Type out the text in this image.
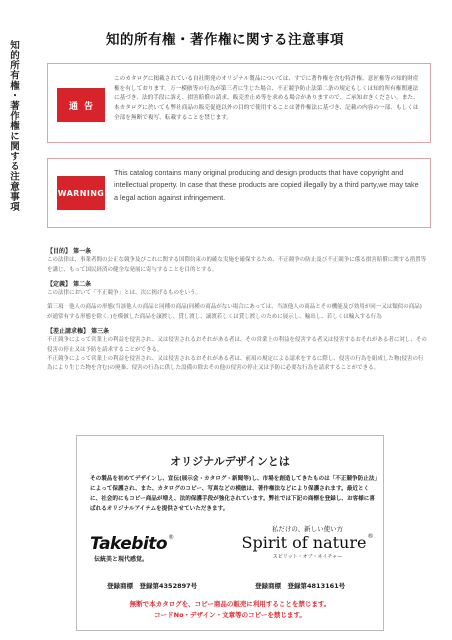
知的所有権・著作権に関する注意事項	知的所有権・著作権に関する注意事項
通告
このカタログに掲載されている自社開発のオリジナル製品については、すでに著作権を含む特許権、意匠権等の知的財産権を有しております。万一模倣等の行為が第三者に生じた場合、不正競争防止法第二条の規定もしくは知的所有権関連法に基づき、法的手段に訴え、損害賠償の請求、販売差止め等を求める場合がありますので、ご承知おきください。また、本カタログに於いても弊社商品の販売促進以外の目的で使用することは著作権法に基づき、記載の内容の一部、もしくは全部を無断で複写、転載することを禁じます。
WARNING
This catalog contains many original producing and design products that have copyright and intellectual property. In case that these products are copied illegally by a third party,we may take a legal action against infringement.
【目的】 第一条
この法律は、事業者間の公正な競争及びこれに関する国際約束の的確な実施を確保するため、不正競争の防止及び不正競争に係る損害賠償に関する措置等を講じ、もって国民経済の健全な発展に寄与することを目的とする。
【定義】 第二条
この法律において「不正競争」とは、次に掲げるものをいう。
第三項　他人の商品の形態(当該他人の商品と同種の商品(同種の商品がない場合にあっては、当該他人の商品とその機能及び効用が同一又は類似の商品)が通常有する形態を除く。)を模倣した商品を譲渡し、貸し渡し、譲渡若しくは貸し渡しのために展示し、輸出し、若しくは輸入する行為
【差止請求権】 第三条
不正競争によって営業上の利益を侵害され、又は侵害されるおそれがある者は、その営業上の利益を侵害する者又は侵害するおそれがある者に対し、その侵害の停止又は予防を請求することができる。
不正競争によって営業上の利益を侵害され、又は侵害されるおそれがある者は、前項の規定による請求をするに際し、侵害の行為を組成した物(侵害の行為により生じた物を含む)の廃棄、侵害の行為に供した設備の除去その他の侵害の停止又は予防に必要な行為を請求することができる。
オリジナルデザインとは
その製品を初めてデザインし、宣伝(展示会・カタログ・新聞等)し、市場を創造してきたものは「不正競争防止法」によって保護され、また、カタログのコピー、写真などの模倣は、著作権法などにより保護されます。最近とくに、社会的にもコピー商品が増え、法的保護手段が強化されています。弊社では下記の商標を登録し、お客様に喜ばれるオリジナルアイテムを提供させていただきます。
Takebito®
伝統美と現代感覚。
私だけの、新しい使い方
Spirit of nature®
スピリット・オブ・ネイチャー
登録商標　登録第4352897号	登録商標　登録第4813161号
無断で本カタログを、コピー商品の販売に利用することを禁じます。
コードNo・デザイン・文章等のコピーを禁じます。
